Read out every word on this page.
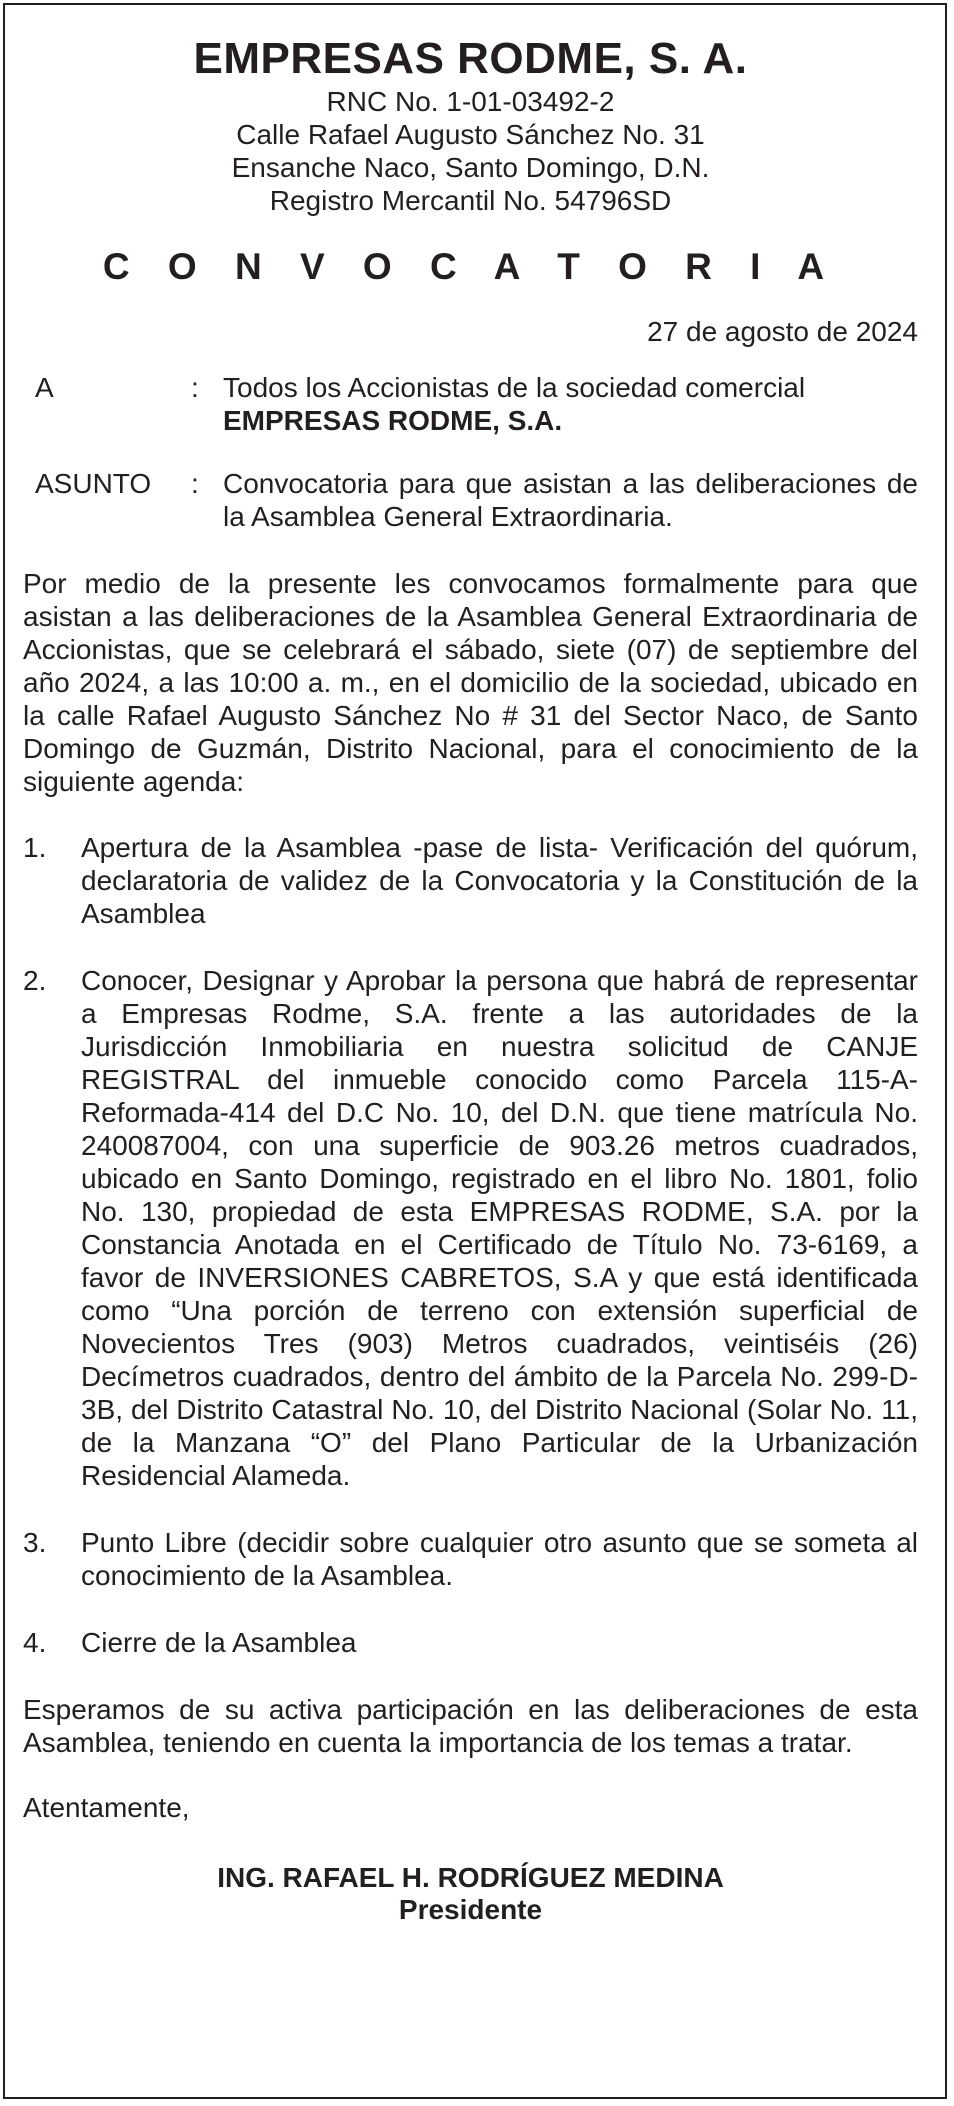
EMPRESAS RODME, S. A.
RNC No. 1-01-03492-2
Calle Rafael Augusto Sánchez No. 31
Ensanche Naco, Santo Domingo, D.N.
Registro Mercantil No. 54796SD
C O N V O C A T O R I A
27 de agosto de 2024
A	: Todos los Accionistas de la sociedad comercial
EMPRESAS RODME, S.A.
ASUNTO	: Convocatoria para que asistan a las deliberaciones de la Asamblea General Extraordinaria.
Por medio de la presente les convocamos formalmente para que asistan a las deliberaciones de la Asamblea General Extraordinaria de Accionistas, que se celebrará el sábado, siete (07) de septiembre del año 2024, a las 10:00 a. m., en el domicilio de la sociedad, ubicado en la calle Rafael Augusto Sánchez No # 31 del Sector Naco, de Santo Domingo de Guzmán, Distrito Nacional, para el conocimiento de la siguiente agenda:
1.	Apertura de la Asamblea -pase de lista- Verificación del quórum, declaratoria de validez de la Convocatoria y la Constitución de la Asamblea
2.	Conocer, Designar y Aprobar la persona que habrá de representar a Empresas Rodme, S.A. frente a las autoridades de la Jurisdicción Inmobiliaria en nuestra solicitud de CANJE REGISTRAL del inmueble conocido como Parcela 115-A-Reformada-414 del D.C No. 10, del D.N. que tiene matrícula No. 240087004, con una superficie de 903.26 metros cuadrados, ubicado en Santo Domingo, registrado en el libro No. 1801, folio No. 130, propiedad de esta EMPRESAS RODME, S.A. por la Constancia Anotada en el Certificado de Título No. 73-6169, a favor de INVERSIONES CABRETOS, S.A y que está identificada como “Una porción de terreno con extensión superficial de Novecientos Tres (903) Metros cuadrados, veintiséis (26) Decímetros cuadrados, dentro del ámbito de la Parcela No. 299-D-3B, del Distrito Catastral No. 10, del Distrito Nacional (Solar No. 11, de la Manzana “O” del Plano Particular de la Urbanización Residencial Alameda.
3.	Punto Libre (decidir sobre cualquier otro asunto que se someta al conocimiento de la Asamblea.
4.	Cierre de la Asamblea
Esperamos de su activa participación en las deliberaciones de esta Asamblea, teniendo en cuenta la importancia de los temas a tratar.
Atentamente,
ING. RAFAEL H. RODRÍGUEZ MEDINA
Presidente
